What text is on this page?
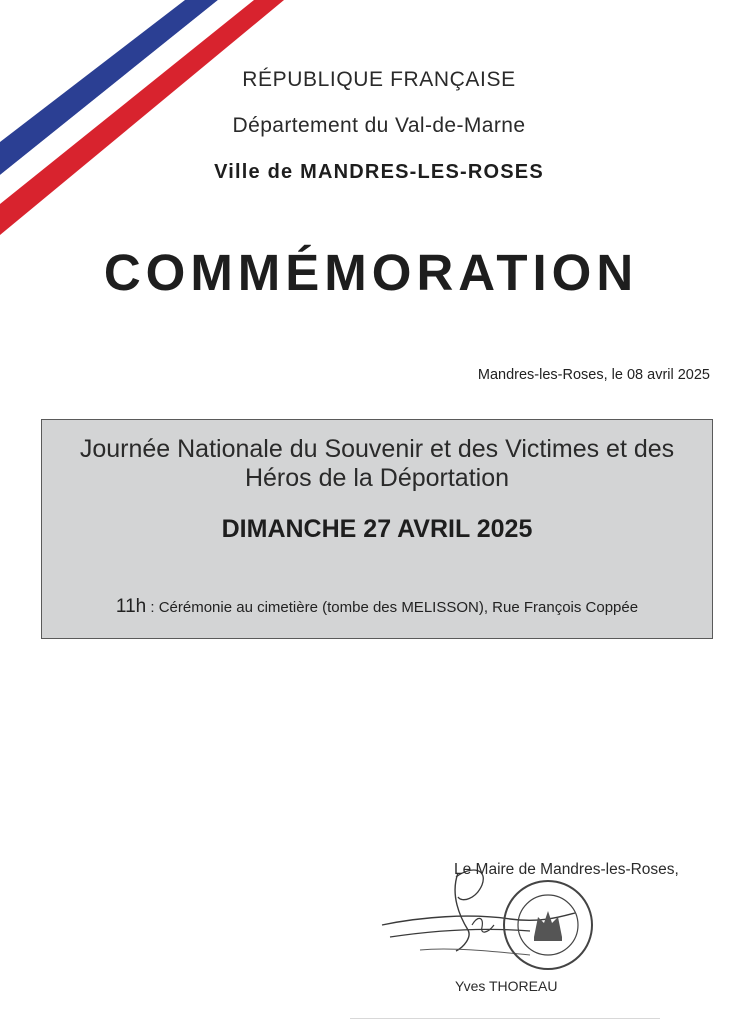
RÉPUBLIQUE FRANÇAISE
Département du Val-de-Marne
Ville de MANDRES-LES-ROSES
COMMÉMORATION
Mandres-les-Roses, le 08 avril 2025
Journée Nationale du Souvenir et des Victimes et des Héros de la Déportation
DIMANCHE 27 AVRIL 2025
11h : Cérémonie au cimetière (tombe des MELISSON), Rue François Coppée
Le Maire de Mandres-les-Roses,
Yves THOREAU
